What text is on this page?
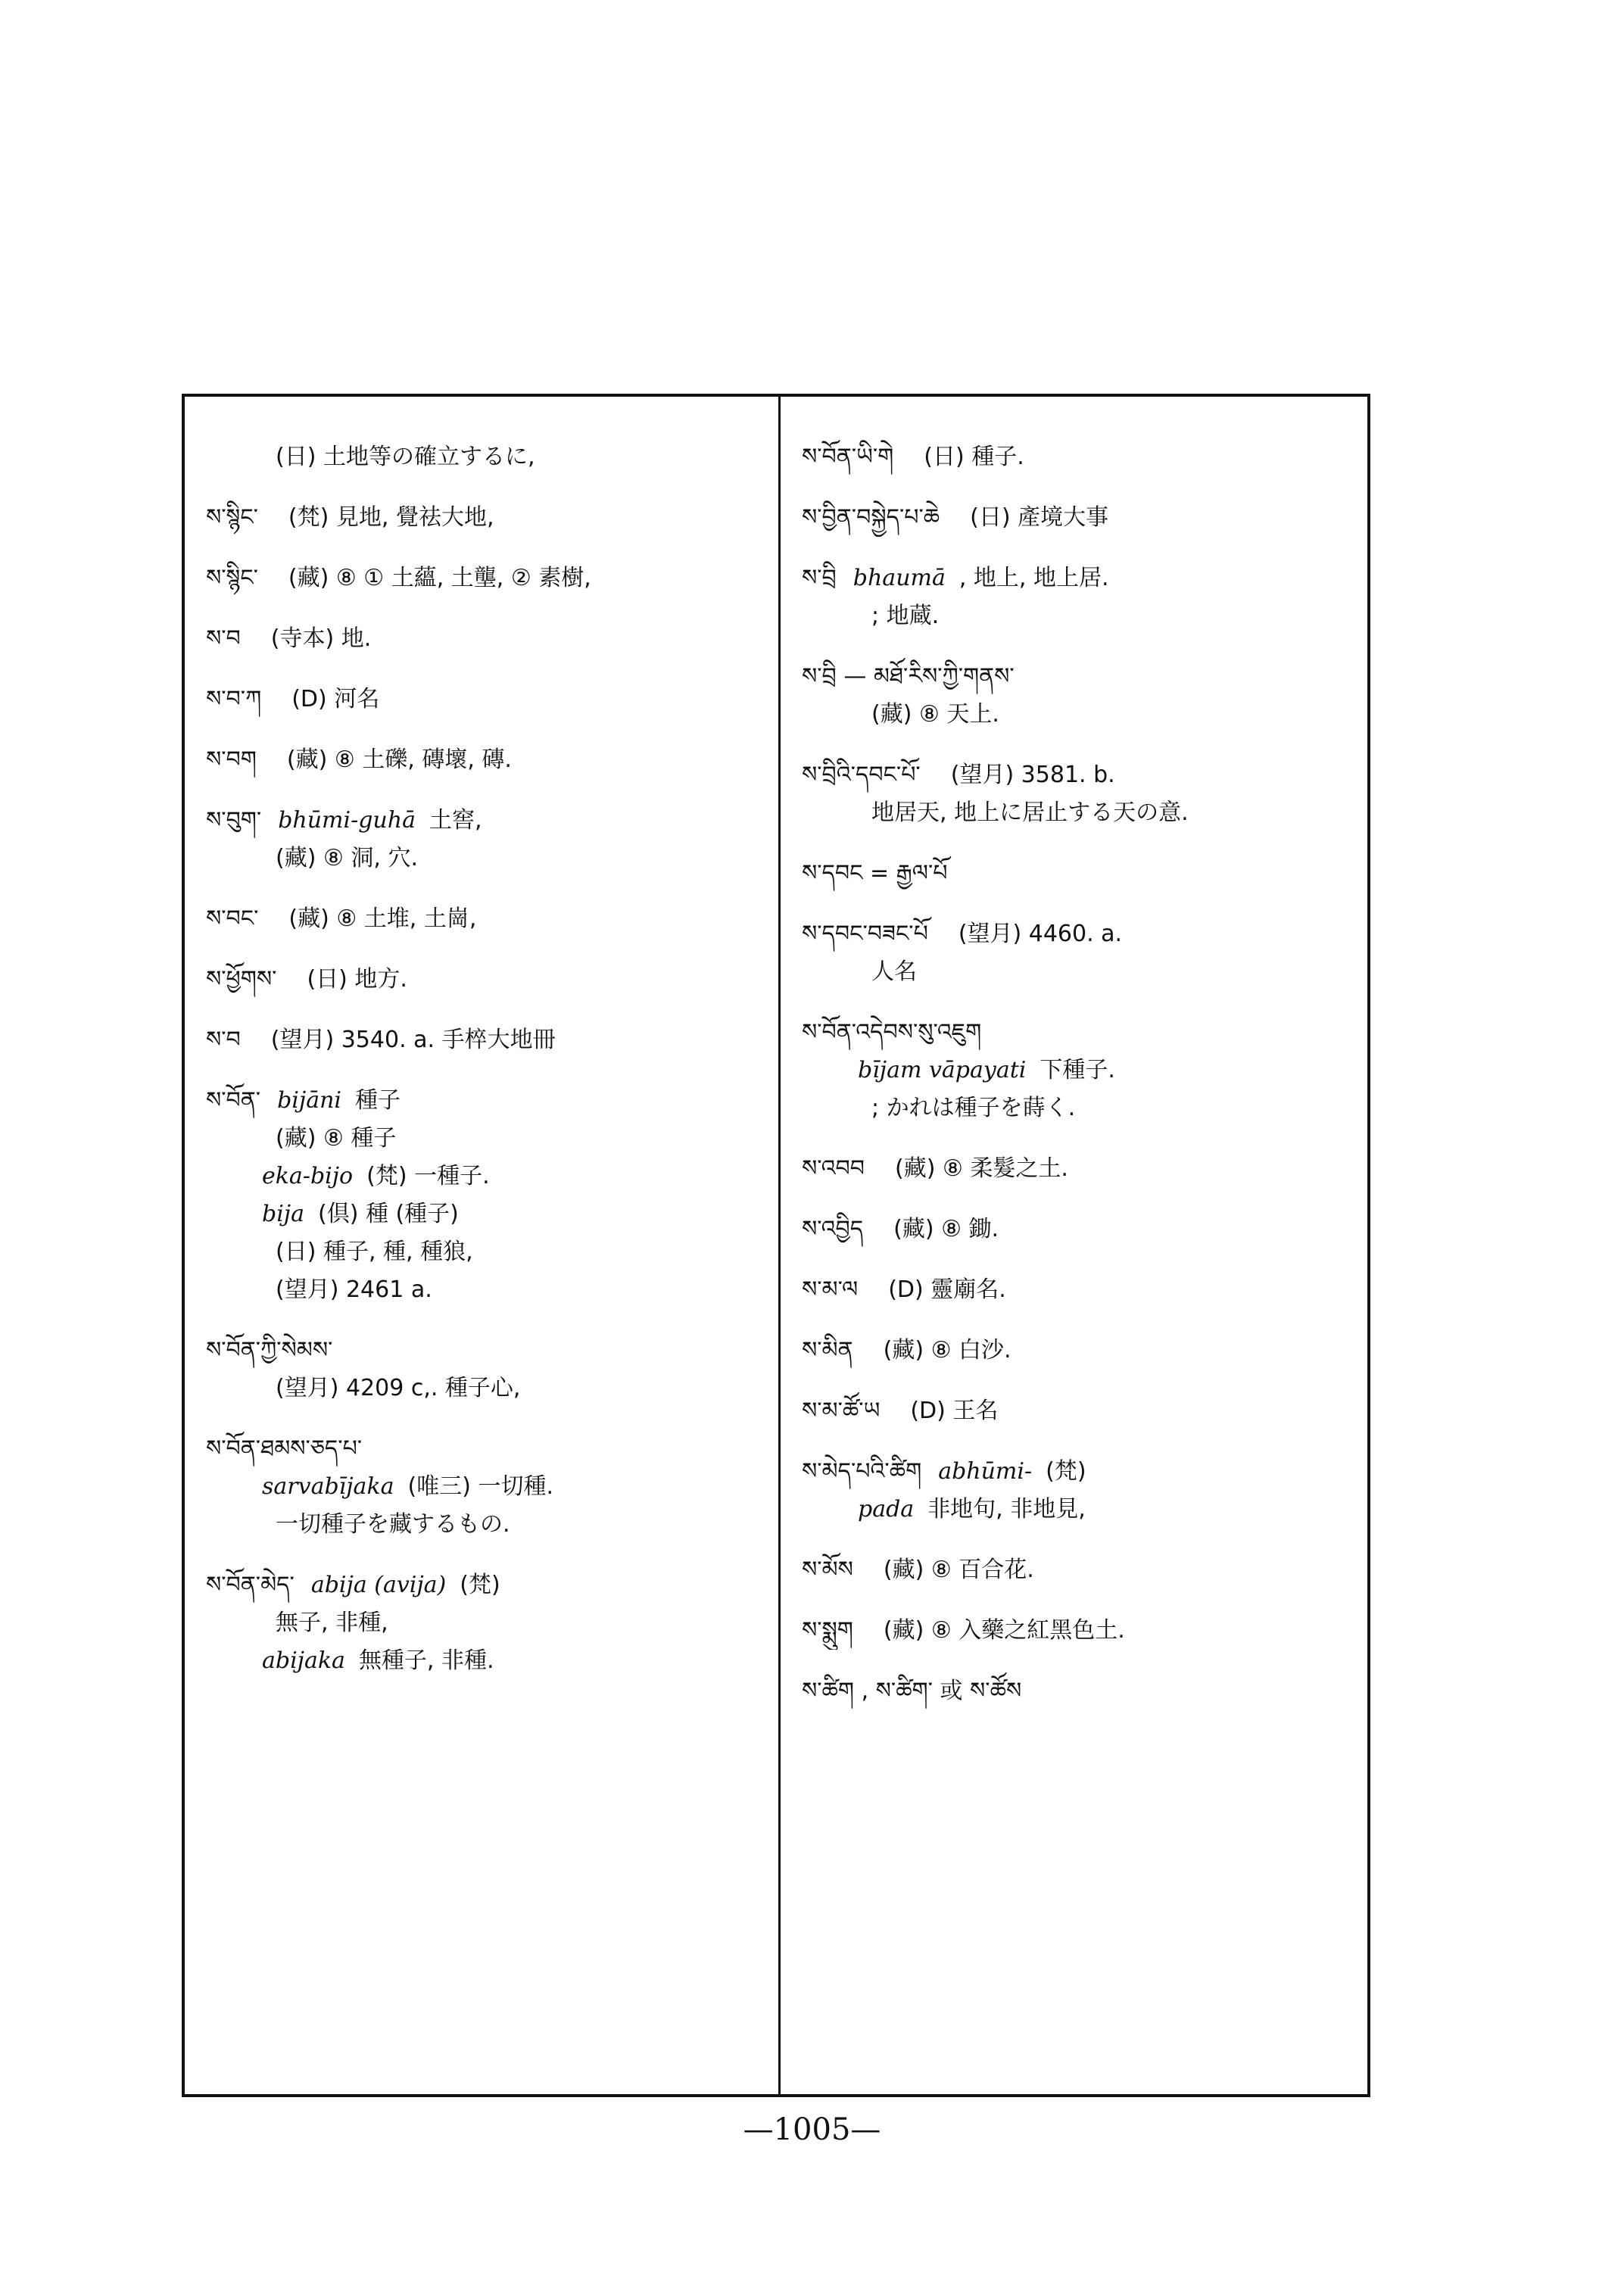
(日) 土地等の確立するに,
ས་སྙིང་ (梵) 見地, 覺祛大地,
ས་སྙིང་ (藏) ⑧ ① 土蘊, 土壟, ② 素樹,
ས་བ (寺本) 地.
ས་བ་ཀ (D) 河名
ས་བག (藏) ⑧ 土礫, 磚壞, 磚.
ས་བུག་ bhūmi-guhā 土窖,
(藏) ⑧ 洞, 穴.
ས་བང་ (藏) ⑧ 土堆, 土崗,
ས་ཕྱོགས་ (日) 地方.
ས་བ (望月) 3540. a. 手椊大地冊
ས་བོན་ bijāni 種子
(藏) ⑧ 種子
eka-bijo (梵) 一種子.
bija (倶) 種 (種子)
(日) 種子, 種, 種狼,
(望月) 2461 a.
ས་བོན་ཀྱི་སེམས་
(望月) 4209 c,. 種子心,
ས་བོན་ཐམས་ཅད་པ་
sarvabījaka (唯三) 一切種.
一切種子を藏するもの.
ས་བོན་མེད་ abija (avija) (梵)
無子, 非種,
abijaka 無種子, 非種.
ས་བོན་ཡི་གེ (日) 種子.
ས་བྱིན་བསྐྱེད་པ་ཆེ (日) 產境大事
ས་བྲི bhaumā , 地上, 地上居.
; 地蔵.
ས་བྲི — མཐོ་རིས་ཀྱི་གནས་
(藏) ⑧ 天上.
ས་བྲིའི་དབང་པོ་ (望月) 3581. b.
地居天, 地上に居止する天の意.
ས་དབང = རྒྱལ་པོ
ས་དབང་བཟང་པོ (望月) 4460. a.
人名
ས་བོན་འདེབས་སུ་འཇུག
bījam vāpayati 下種子.
; かれは種子を蒔く.
ས་འབབ (藏) ⑧ 柔髮之土.
ས་འབྱིད (藏) ⑧ 鋤.
ས་མ་ལ (D) 靈廟名.
ས་མིན (藏) ⑧ 白沙.
ས་མ་ཚོ་ཡ (D) 王名
ས་མེད་པའི་ཚིག abhūmi- (梵)
pada 非地句, 非地見,
ས་མོས (藏) ⑧ 百合花.
ས་སྨུག (藏) ⑧ 入藥之紅黑色土.
ས་ཚིག , ས་ཚིག་ 或 ས་ཚོས
—1005—
